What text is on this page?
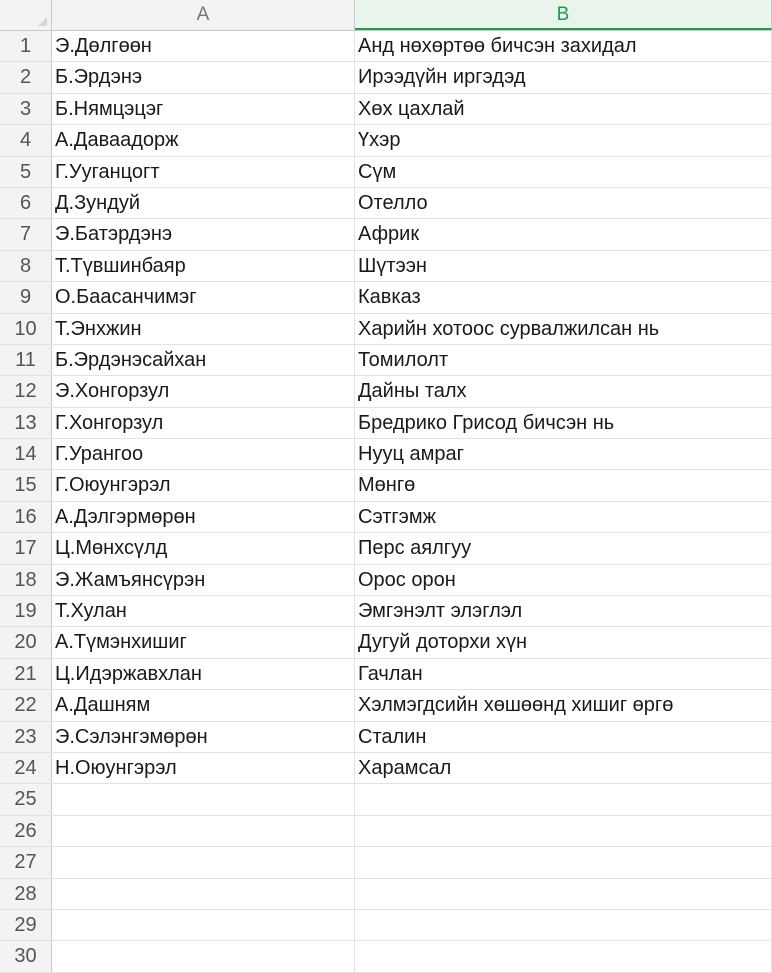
A	B
1	Э.Дөлгөөн	Анд нөхөртөө бичсэн захидал
2	Б.Эрдэнэ	Ирээдүйн иргэдэд
3	Б.Нямцэцэг	Хөх цахлай
4	А.Даваадорж	Үхэр
5	Г.Ууганцогт	Сүм
6	Д.Зундуй	Отелло
7	Э.Батэрдэнэ	Африк
8	Т.Түвшинбаяр	Шүтээн
9	О.Баасанчимэг	Кавказ
10 Т.Энхжин	Харийн хотоос сурвалжилсан нь
11 Б.Эрдэнэсайхан	Томилолт
12 Э.Хонгорзул	Дайны талх
13 Г.Хонгорзул	Бредрико Грисод бичсэн нь
14 Г.Урангоо	Нууц амраг
15 Г.Оюунгэрэл	Мөнгө
16 А.Дэлгэрмөрөн	Сэтгэмж
17 Ц.Мөнхсүлд	Перс аялгуу
18 Э.Жамъянсүрэн	Орос орон
19 Т.Хулан	Эмгэнэлт элэглэл
20 А.Түмэнхишиг	Дугуй доторхи хүн
21 Ц.Идэржавхлан	Гачлан
22 А.Дашням	Хэлмэгдсийн хөшөөнд хишиг өргө
23 Э.Сэлэнгэмөрөн	Сталин
24 Н.Оюунгэрэл	Харамсал
25
26
27
28
29
30
